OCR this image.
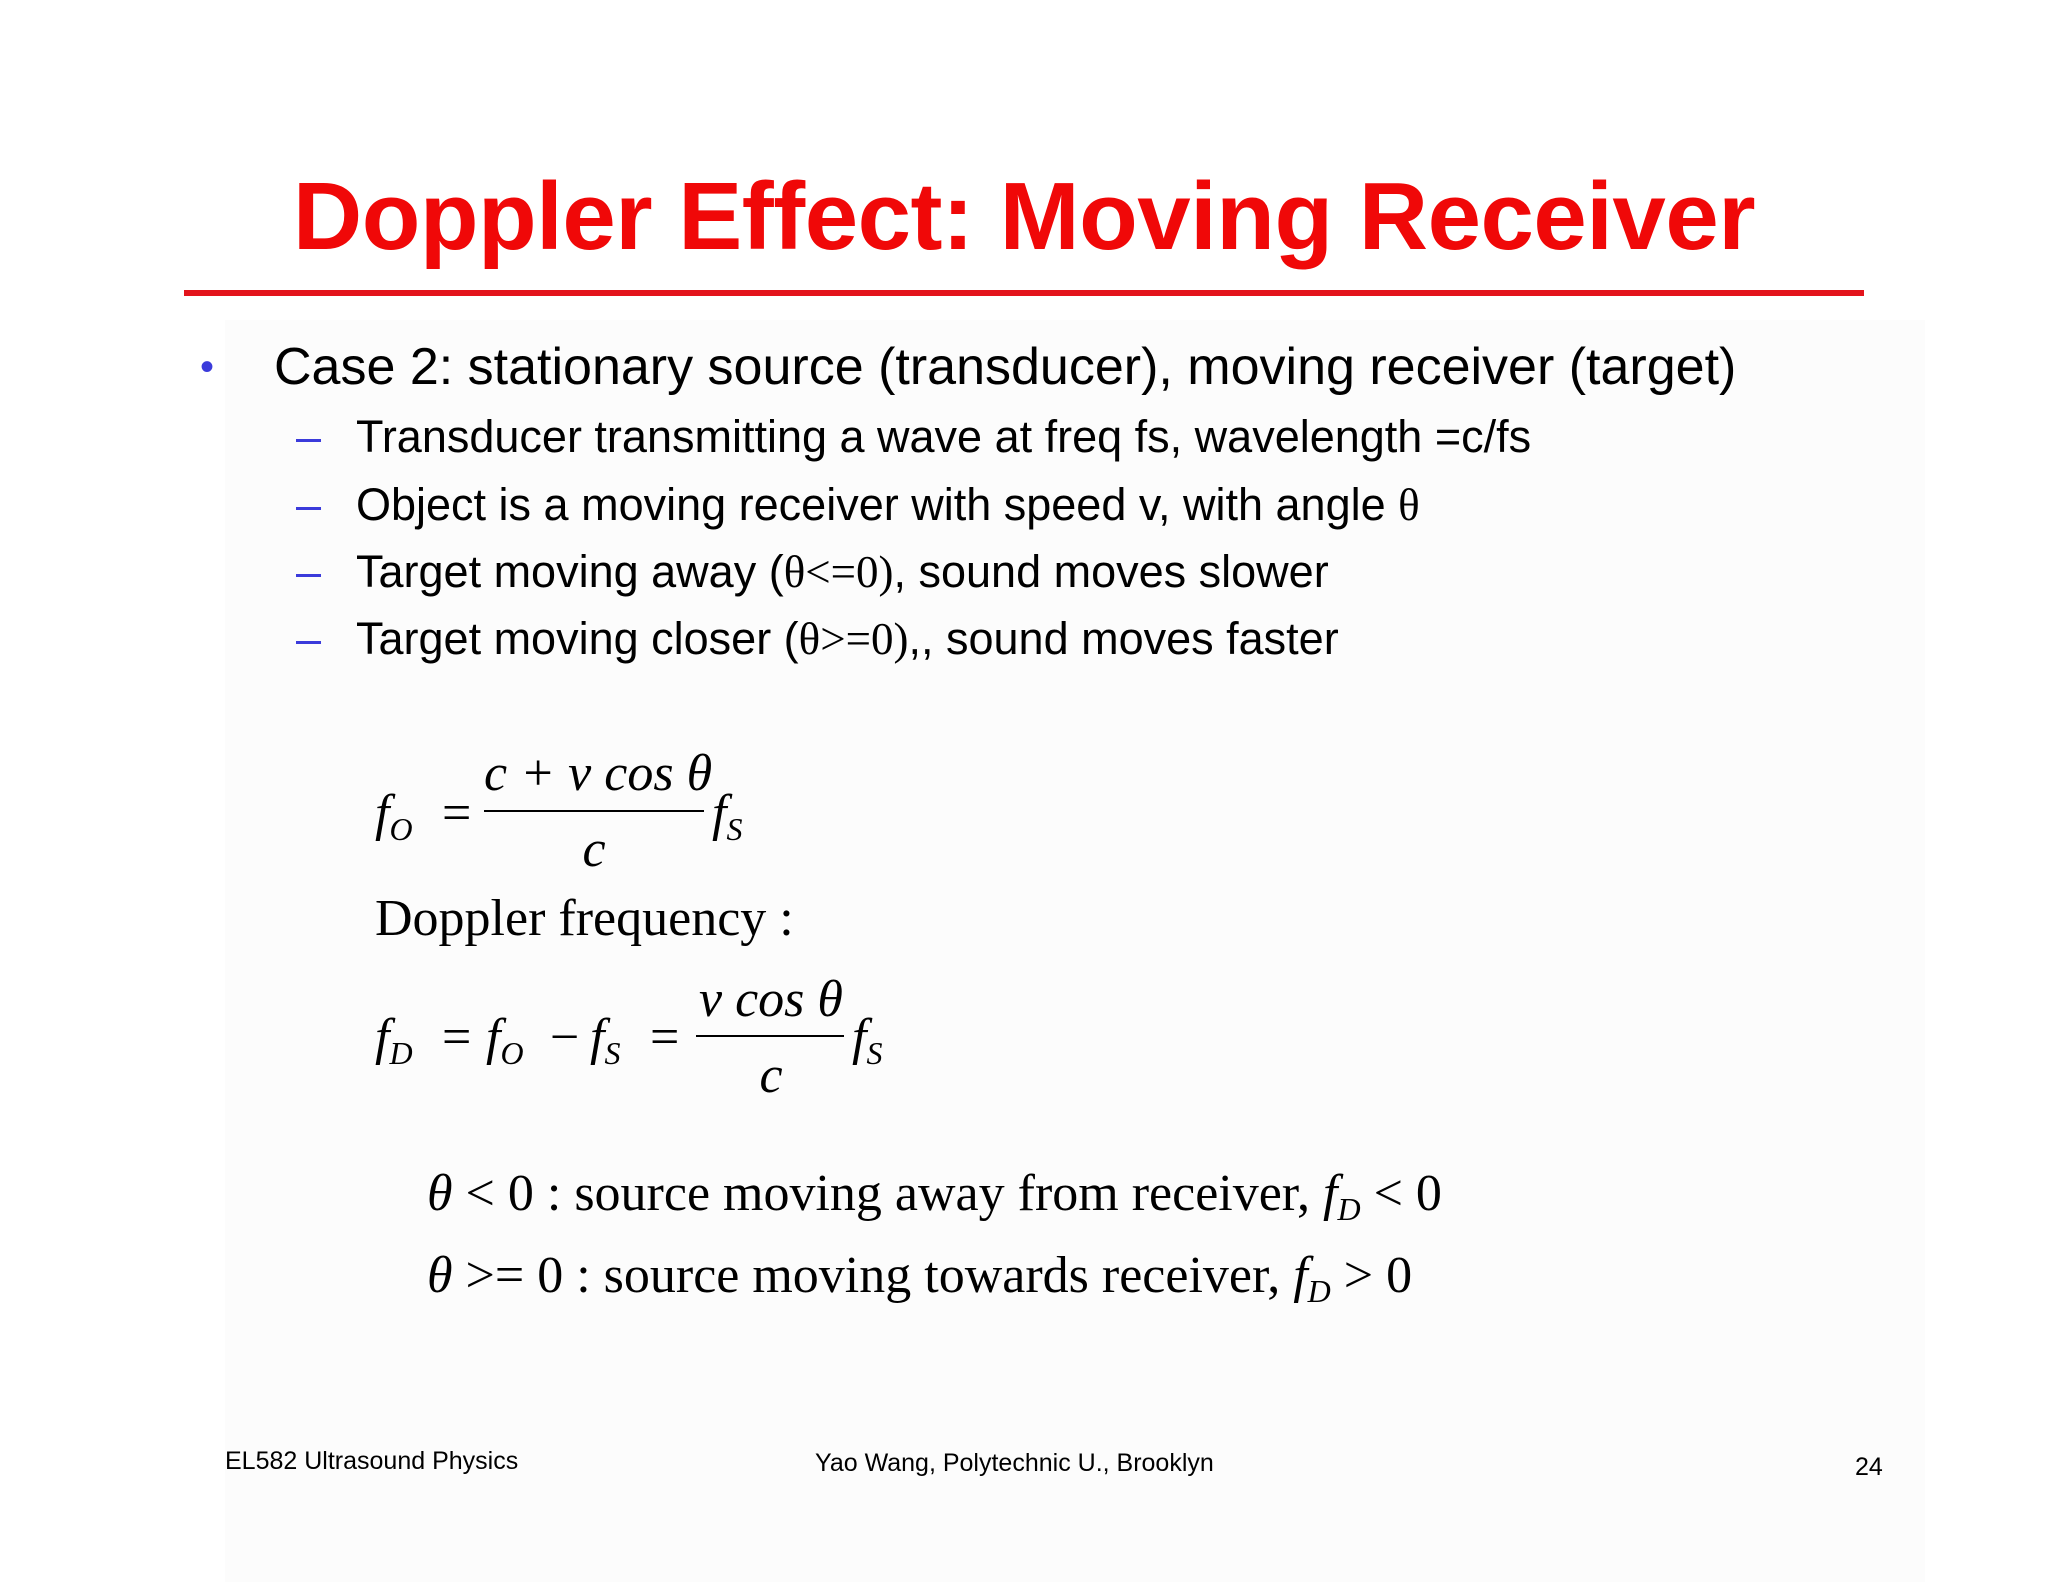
Doppler Effect: Moving Receiver
•	Case 2: stationary source (transducer), moving receiver (target)
– Transducer transmitting a wave at freq fs, wavelength =c/fs
– Object is a moving receiver with speed v, with angle θ
– Target moving away ( θ<=0) , sound moves slower
– Target moving closer ( θ>=0) ,, sound moves faster
fO =
c + v cos θ
c
fS
Doppler frequency :
fD = fO − fS =
v cos θ
c
fS

θ < 0 : source moving away from receiver, fD < 0

θ >= 0 : source moving towards receiver, fD > 0

EL582 Ultrasound Physics	Yao Wang, Polytechnic U., Brooklyn	24
